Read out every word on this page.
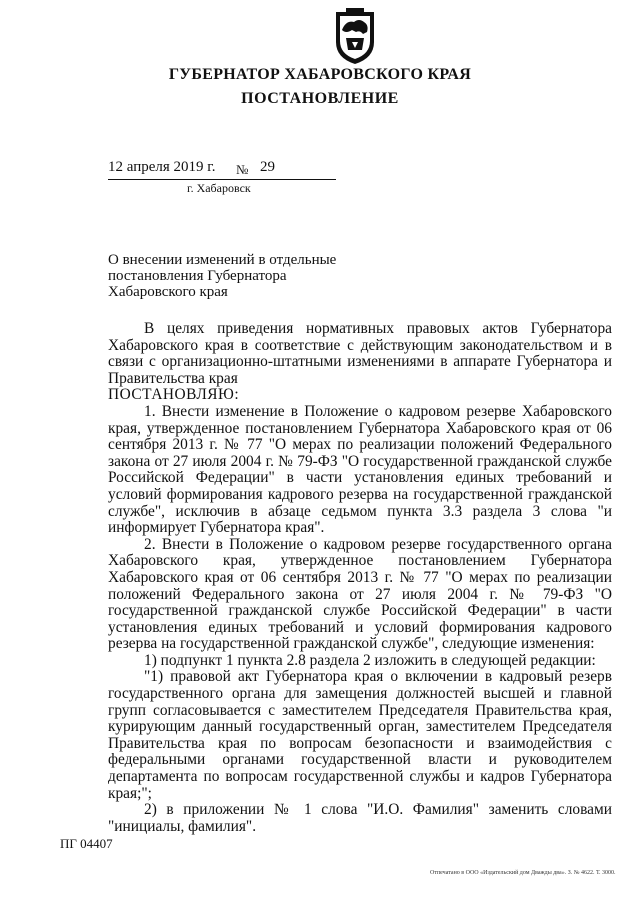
ГУБЕРНАТОР ХАБАРОВСКОГО КРАЯ
ПОСТАНОВЛЕНИЕ
12 апреля 2019 г. № 29
г. Хабаровск
О внесении изменений в отдельные постановления Губернатора Хабаровского края

В целях приведения нормативных правовых актов Губернатора Хабаровского края в соответствие с действующим законодательством и в связи с организационно-штатными изменениями в аппарате Губернатора и Правительства края

ПОСТАНОВЛЯЮ:

1. Внести изменение в Положение о кадровом резерве Хабаровского края, утвержденное постановлением Губернатора Хабаровского края от 06 сентября 2013 г. № 77 "О мерах по реализации положений Федерального закона от 27 июля 2004 г. № 79-ФЗ "О государственной гражданской службе Российской Федерации" в части установления единых требований и условий формирования кадрового резерва на государственной гражданской службе", исключив в абзаце седьмом пункта 3.3 раздела 3 слова "и информирует Губернатора края".

2. Внести в Положение о кадровом резерве государственного органа Хабаровского края, утвержденное постановлением Губернатора Хабаровского края от 06 сентября 2013 г. № 77 "О мерах по реализации положений Федерального закона от 27 июля 2004 г. № 79-ФЗ "О государственной гражданской службе Российской Федерации" в части установления единых требований и условий формирования кадрового резерва на государственной гражданской службе", следующие изменения:

1) подпункт 1 пункта 2.8 раздела 2 изложить в следующей редакции:

"1) правовой акт Губернатора края о включении в кадровый резерв государственного органа для замещения должностей высшей и главной групп согласовывается с заместителем Председателя Правительства края, курирующим данный государственный орган, заместителем Председателя Правительства края по вопросам безопасности и взаимодействия с федеральными органами государственной власти и руководителем департамента по вопросам государственной службы и кадров Губернатора края;";

2) в приложении № 1 слова "И.О. Фамилия" заменить словами "инициалы, фамилия".

ПГ 04407
Отпечатано в ООО «Издательский дом Дважды два». З. № 4622. Т. 3000.
